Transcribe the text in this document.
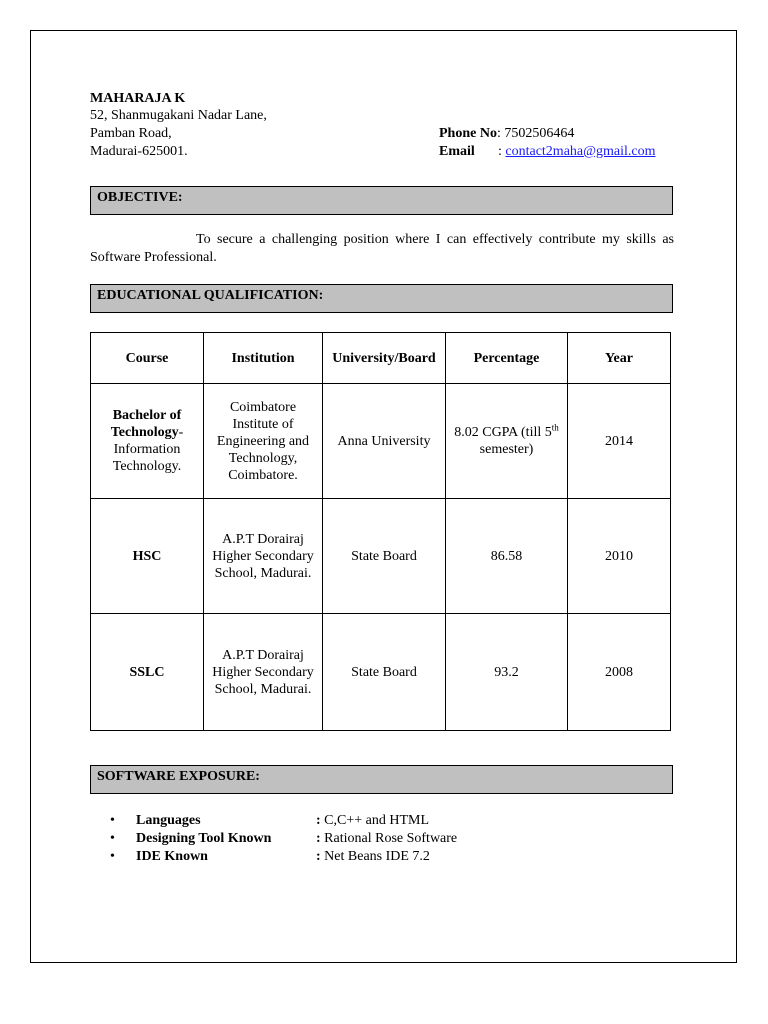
MAHARAJA K
52, Shanmugakani Nadar Lane,
Pamban Road,
Madurai-625001.
Phone No: 7502506464
Email : contact2maha@gmail.com
OBJECTIVE:
To secure a challenging position where I can effectively contribute my skills as Software Professional.
EDUCATIONAL QUALIFICATION:
Course	Institution	University/Board	Percentage	Year
Bachelor of Technology-Information Technology.	Coimbatore Institute of Engineering and Technology, Coimbatore.	Anna University	8.02 CGPA (till 5th semester)	2014
HSC	A.P.T Dorairaj Higher Secondary School, Madurai.	State Board	86.58	2010
SSLC	A.P.T Dorairaj Higher Secondary School, Madurai.	State Board	93.2	2008
SOFTWARE EXPOSURE:
• Languages	: C,C++ and HTML
• Designing Tool Known	: Rational Rose Software
• IDE Known	: Net Beans IDE 7.2
